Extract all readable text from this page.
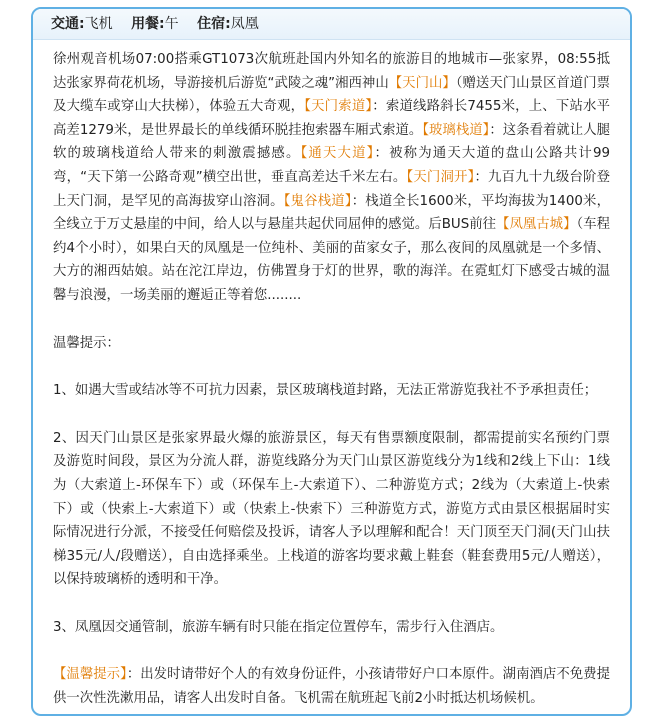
交通:飞机 用餐:午 住宿:凤凰

徐州观音机场07:00搭乘GT1073次航班赴国内外知名的旅游目的地城市—张家界，08:55抵达张家界荷花机场，导游接机后游览“武陵之魂”湘西神山【天门山】（赠送天门山景区首道门票及大缆车或穿山大扶梯），体验五大奇观，【天门索道】：索道线路斜长7455米，上、下站水平高差1279米，是世界最长的单线循环脱挂抱索器车厢式索道。【玻璃栈道】：这条看着就让人腿软的玻璃栈道给人带来的刺激震撼感。【通天大道】：被称为通天大道的盘山公路共计99弯，“天下第一公路奇观”横空出世，垂直高差达千米左右。【天门洞开】：九百九十九级台阶登上天门洞，是罕见的高海拔穿山溶洞。【鬼谷栈道】：栈道全长1600米，平均海拔为1400米，全线立于万丈悬崖的中间，给人以与悬崖共起伏同屈伸的感觉。后BUS前往【凤凰古城】（车程约4个小时），如果白天的凤凰是一位纯朴、美丽的苗家女子，那么夜间的凤凰就是一个多情、大方的湘西姑娘。站在沱江岸边，仿佛置身于灯的世界，歌的海洋。在霓虹灯下感受古城的温馨与浪漫，一场美丽的邂逅正等着您........

温馨提示：

1、如遇大雪或结冰等不可抗力因素，景区玻璃栈道封路，无法正常游览我社不予承担责任；

2、因天门山景区是张家界最火爆的旅游景区，每天有售票额度限制，都需提前实名预约门票及游览时间段，景区为分流人群，游览线路分为天门山景区游览线分为1线和2线上下山：1线为（大索道上-环保车下）或（环保车上-大索道下）、二种游览方式；2线为（大索道上-快索下）或（快索上-大索道下）或（快索上-快索下）三种游览方式，游览方式由景区根据届时实际情况进行分派，不接受任何赔偿及投诉，请客人予以理解和配合！天门顶至天门洞(天门山扶梯35元/人/段赠送），自由选择乘坐。上栈道的游客均要求戴上鞋套（鞋套费用5元/人赠送），以保持玻璃桥的透明和干净。

3、凤凰因交通管制，旅游车辆有时只能在指定位置停车，需步行入住酒店。

【温馨提示】：出发时请带好个人的有效身份证件，小孩请带好户口本原件。湖南酒店不免费提供一次性洗漱用品，请客人出发时自备。飞机需在航班起飞前2小时抵达机场候机。
